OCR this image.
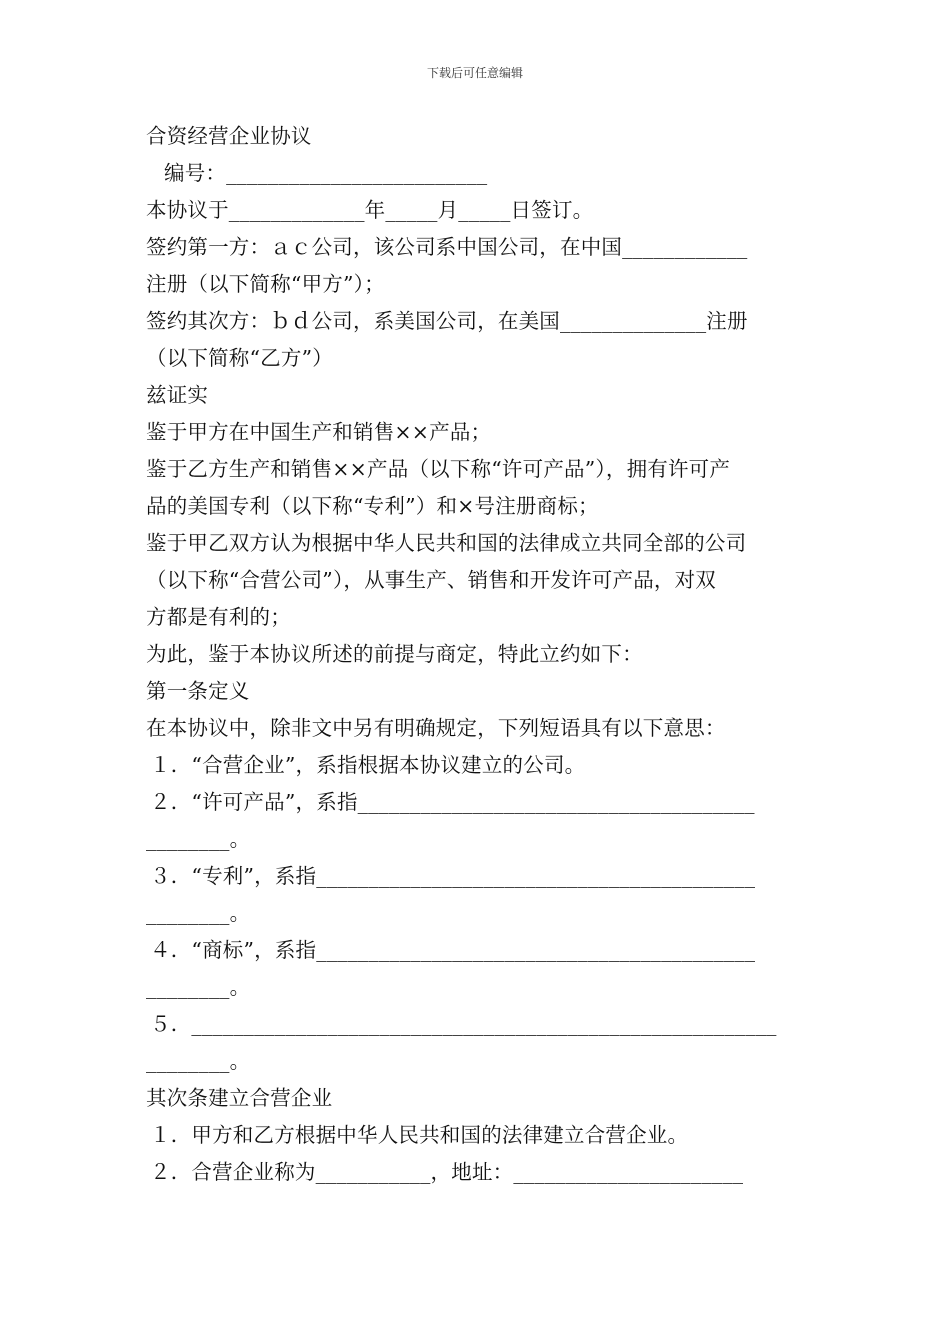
下载后可任意编辑
合资经营企业协议
编号：_________________________
本协议于_____________年_____月_____日签订。
签约第一方：ａｃ公司，该公司系中国公司，在中国____________
注册（以下简称“甲方”）；
签约其次方：ｂｄ公司，系美国公司，在美国______________注册
（以下简称“乙方”）
兹证实
鉴于甲方在中国生产和销售××产品；
鉴于乙方生产和销售××产品（以下称“许可产品”），拥有许可产
品的美国专利（以下称“专利”）和×号注册商标；
鉴于甲乙双方认为根据中华人民共和国的法律成立共同全部的公司
（以下称“合营公司”），从事生产、销售和开发许可产品，对双
方都是有利的；
为此，鉴于本协议所述的前提与商定，特此立约如下：
第一条定义
在本协议中，除非文中另有明确规定，下列短语具有以下意思：
１．“合营企业”，系指根据本协议建立的公司。
２．“许可产品”，系指______________________________________
________。
３．“专利”，系指__________________________________________
________。
４．“商标”，系指__________________________________________
________。
５．________________________________________________________
________。
其次条建立合营企业
１．甲方和乙方根据中华人民共和国的法律建立合营企业。
２．合营企业称为___________，地址：______________________
